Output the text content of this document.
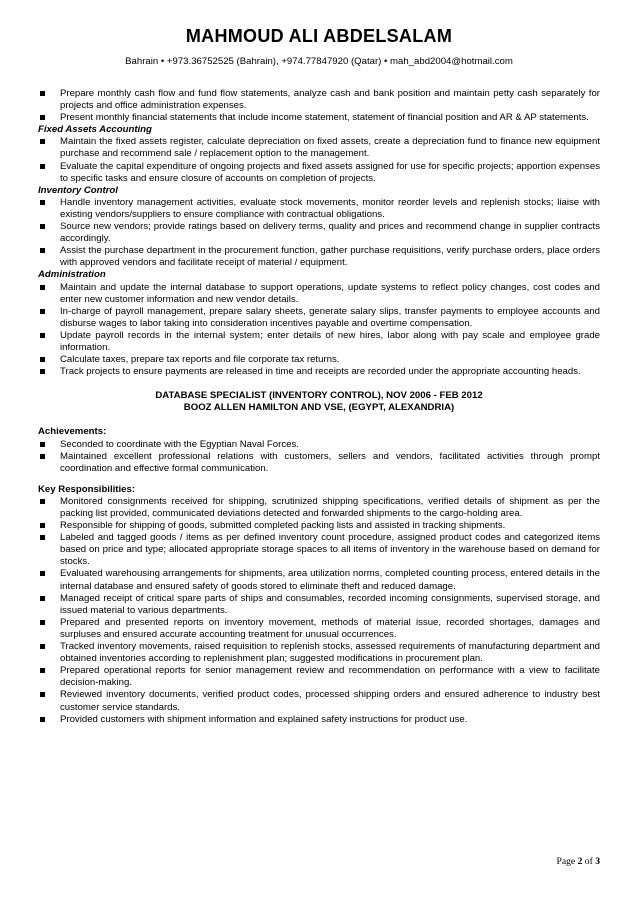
MAHMOUD ALI ABDELSALAM
Bahrain • +973.36752525 (Bahrain), +974.77847920 (Qatar) • mah_abd2004@hotmail.com
Prepare monthly cash flow and fund flow statements, analyze cash and bank position and maintain petty cash separately for projects and office administration expenses.
Present monthly financial statements that include income statement, statement of financial position and AR & AP statements.
Fixed Assets Accounting
Maintain the fixed assets register, calculate depreciation on fixed assets, create a depreciation fund to finance new equipment purchase and recommend sale / replacement option to the management.
Evaluate the capital expenditure of ongoing projects and fixed assets assigned for use for specific projects; apportion expenses to specific tasks and ensure closure of accounts on completion of projects.
Inventory Control
Handle inventory management activities, evaluate stock movements, monitor reorder levels and replenish stocks; liaise with existing vendors/suppliers to ensure compliance with contractual obligations.
Source new vendors; provide ratings based on delivery terms, quality and prices and recommend change in supplier contracts accordingly.
Assist the purchase department in the procurement function, gather purchase requisitions, verify purchase orders, place orders with approved vendors and facilitate receipt of material / equipment.
Administration
Maintain and update the internal database to support operations, update systems to reflect policy changes, cost codes and enter new customer information and new vendor details.
In-charge of payroll management, prepare salary sheets, generate salary slips, transfer payments to employee accounts and disburse wages to labor taking into consideration incentives payable and overtime compensation.
Update payroll records in the internal system; enter details of new hires, labor along with pay scale and employee grade information.
Calculate taxes, prepare tax reports and file corporate tax returns.
Track projects to ensure payments are released in time and receipts are recorded under the appropriate accounting heads.
DATABASE SPECIALIST (INVENTORY CONTROL), NOV 2006 - FEB 2012
BOOZ ALLEN HAMILTON AND VSE, (EGYPT, ALEXANDRIA)
Achievements:
Seconded to coordinate with the Egyptian Naval Forces.
Maintained excellent professional relations with customers, sellers and vendors, facilitated activities through prompt coordination and effective formal communication.
Key Responsibilities:
Monitored consignments received for shipping, scrutinized shipping specifications, verified details of shipment as per the packing list provided, communicated deviations detected and forwarded shipments to the cargo-holding area.
Responsible for shipping of goods, submitted completed packing lists and assisted in tracking shipments.
Labeled and tagged goods / items as per defined inventory count procedure, assigned product codes and categorized items based on price and type; allocated appropriate storage spaces to all items of inventory in the warehouse based on demand for stocks.
Evaluated warehousing arrangements for shipments, area utilization norms, completed counting process, entered details in the internal database and ensured safety of goods stored to eliminate theft and reduced damage.
Managed receipt of critical spare parts of ships and consumables, recorded incoming consignments, supervised storage, and issued material to various departments.
Prepared and presented reports on inventory movement, methods of material issue, recorded shortages, damages and surpluses and ensured accurate accounting treatment for unusual occurrences.
Tracked inventory movements, raised requisition to replenish stocks, assessed requirements of manufacturing department and obtained inventories according to replenishment plan; suggested modifications in procurement plan.
Prepared operational reports for senior management review and recommendation on performance with a view to facilitate decision-making.
Reviewed inventory documents, verified product codes, processed shipping orders and ensured adherence to industry best customer service standards.
Provided customers with shipment information and explained safety instructions for product use.
Page 2 of 3
